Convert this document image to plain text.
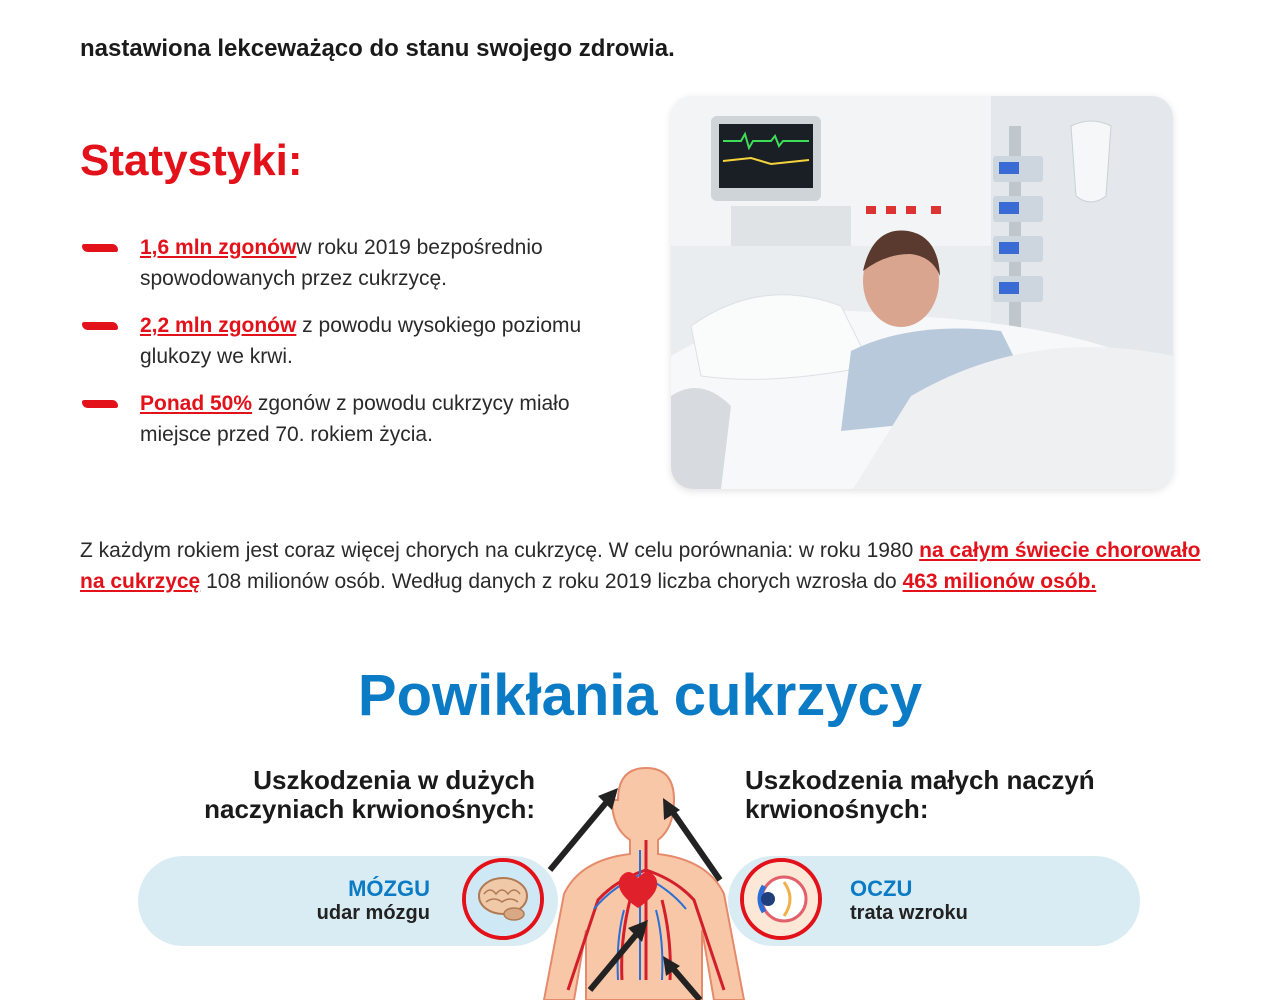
nastawiona lekceważąco do stanu swojego zdrowia.
Statystyki:
1,6 mln zgonóww roku 2019 bezpośrednio spowodowanych przez cukrzycę.
2,2 mln zgonów z powodu wysokiego poziomu glukozy we krwi.
Ponad 50% zgonów z powodu cukrzycy miało miejsce przed 70. rokiem życia.
Z każdym rokiem jest coraz więcej chorych na cukrzycę. W celu porównania: w roku 1980 na całym świecie chorowało na cukrzycę 108 milionów osób. Według danych z roku 2019 liczba chorych wzrosła do 463 milionów osób.
Powikłania cukrzycy
Uszkodzenia w dużych naczyniach krwionośnych:
Uszkodzenia małych naczyń krwionośnych:
MÓZGU
udar mózgu
OCZU
trata wzroku
